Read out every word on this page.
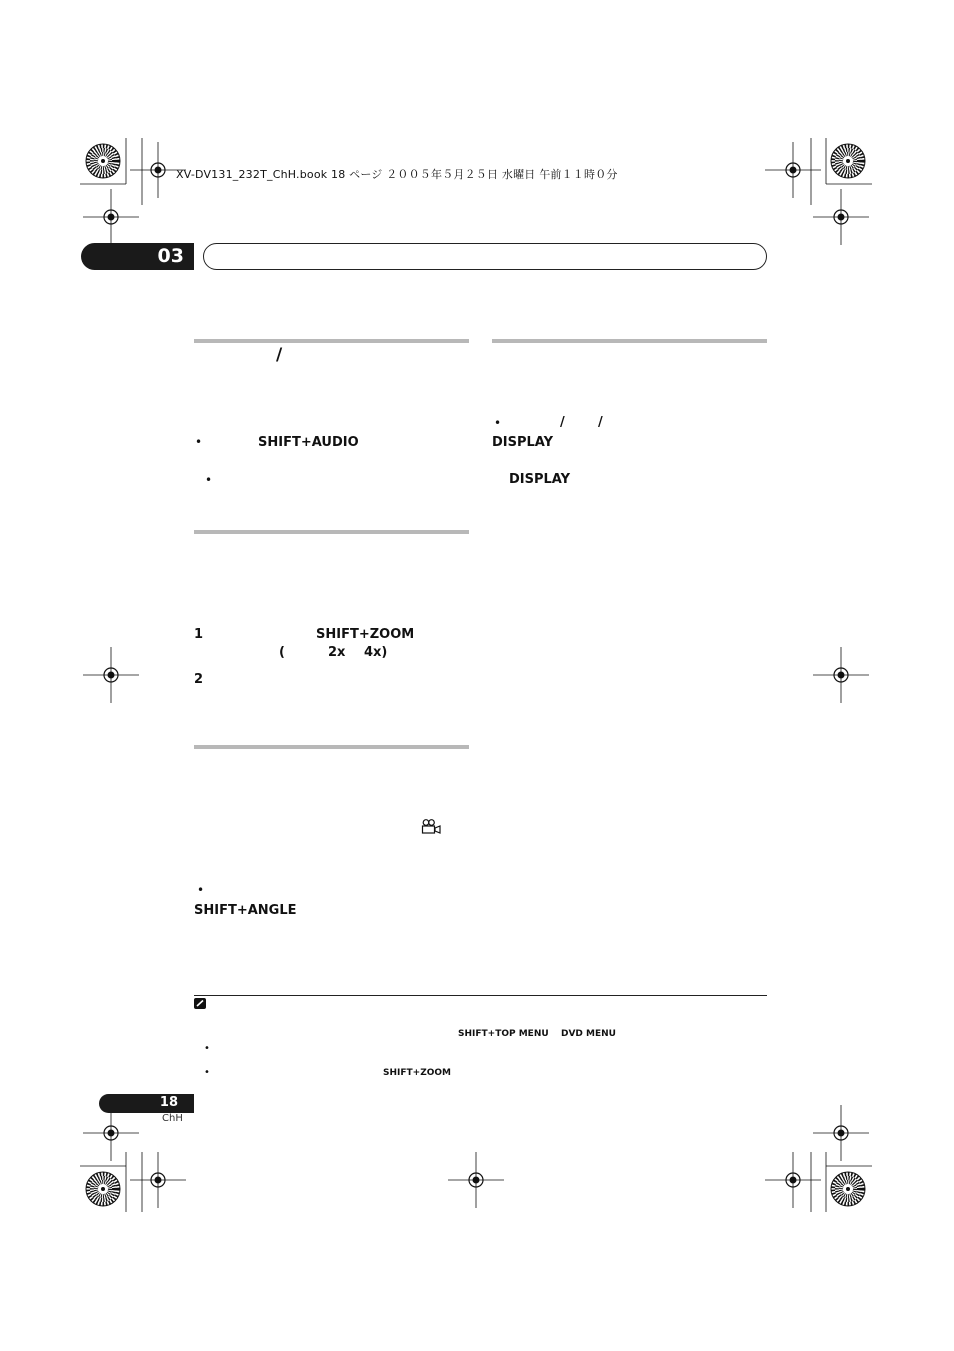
XV-DV131_232T_ChH.book 18 ページ ２００５年５月２５日 水曜日 午前１１時０分
03
/
•	SHIFT+AUDIO
•
1	SHIFT+ZOOM
(	2x 4x)
2
•
SHIFT+ANGLE
•	/	/
DISPLAY
DISPLAY
SHIFT+TOP MENU DVD MENU
•
•	SHIFT+ZOOM
18
ChH
